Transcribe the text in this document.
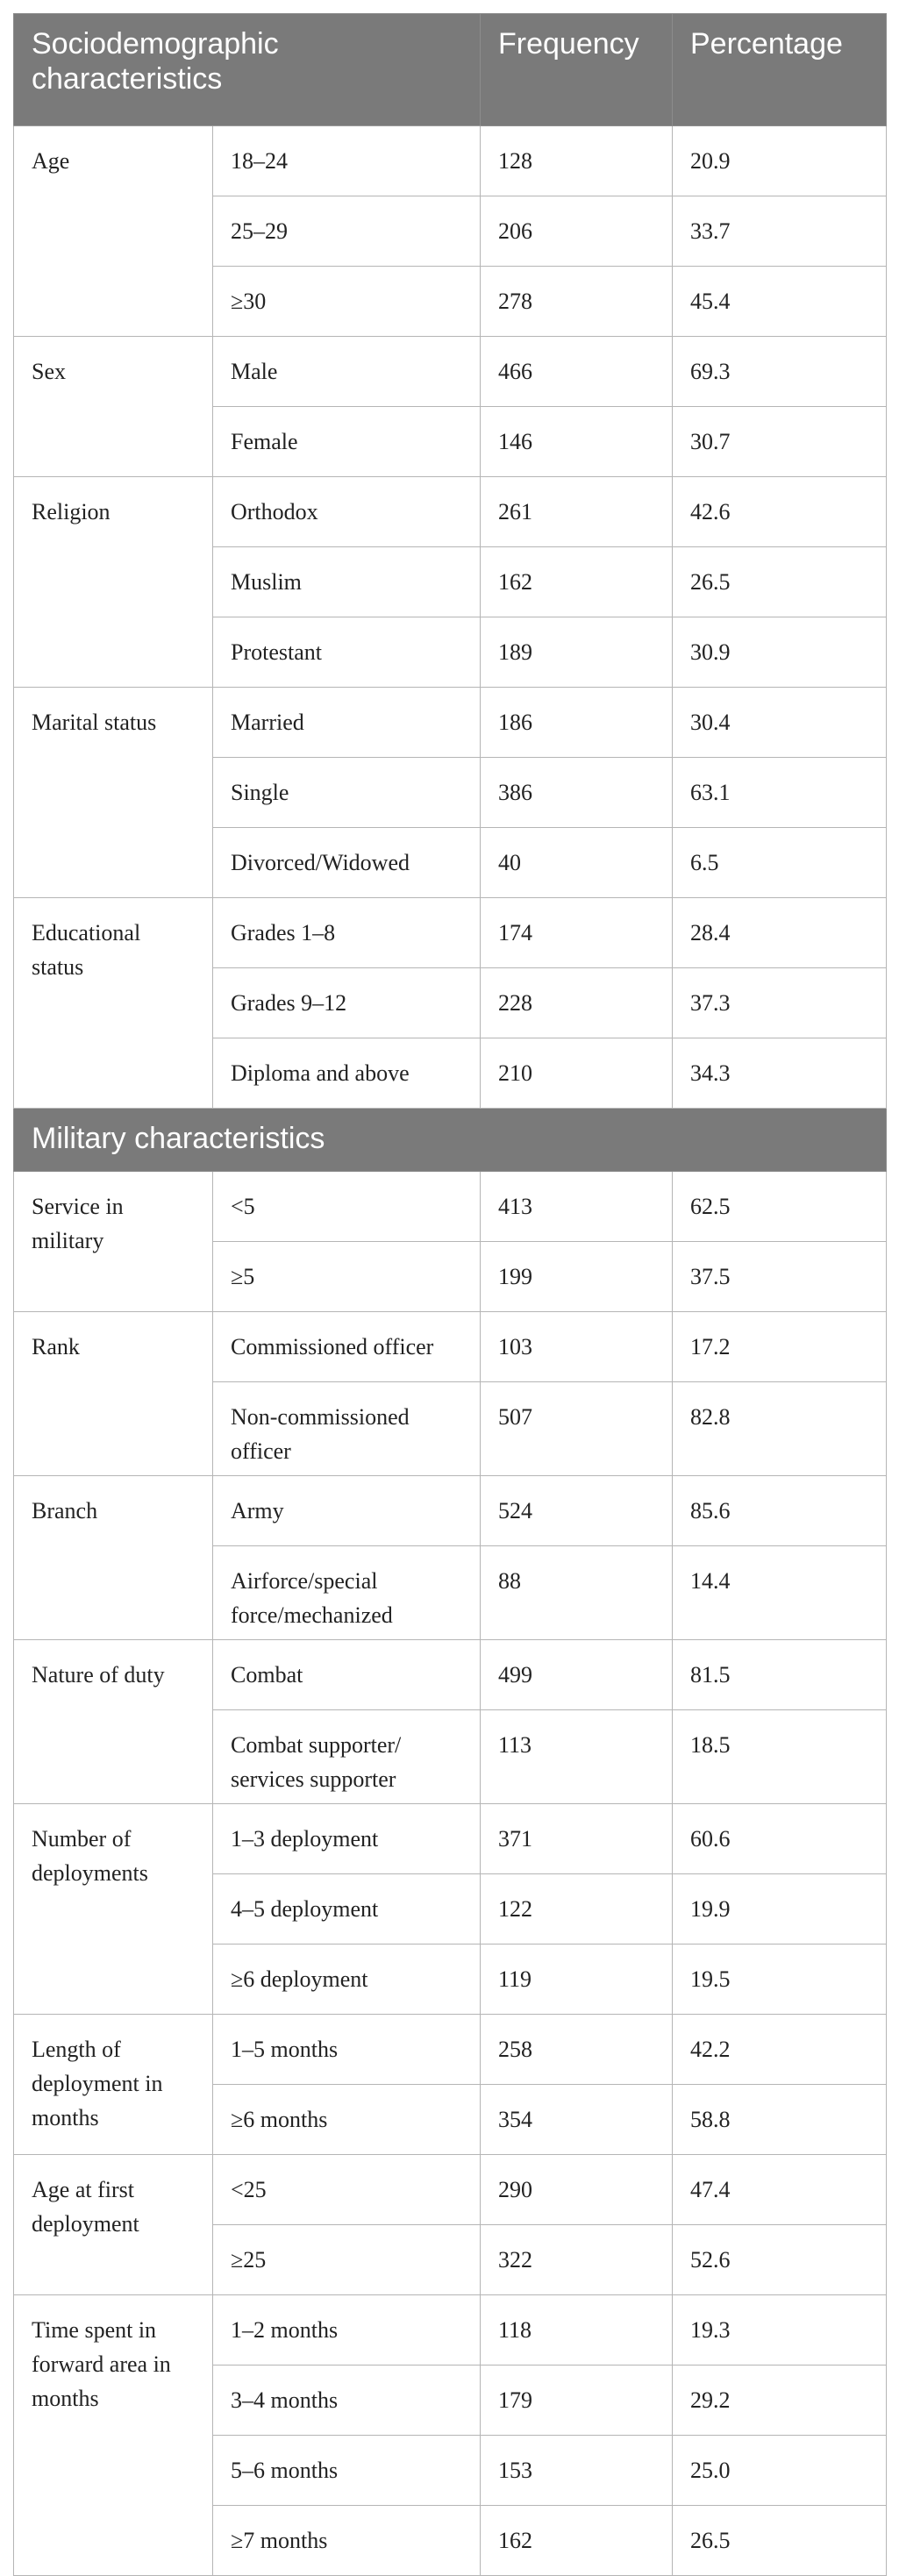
Sociodemographic characteristics		Frequency	Percentage
Age	18–24	128	20.9
	25–29	206	33.7
	≥30	278	45.4
Sex	Male	466	69.3
	Female	146	30.7
Religion	Orthodox	261	42.6
	Muslim	162	26.5
	Protestant	189	30.9
Marital status	Married	186	30.4
	Single	386	63.1
	Divorced/Widowed	40	6.5
Educational status	Grades 1–8	174	28.4
	Grades 9–12	228	37.3
	Diploma and above	210	34.3
Military characteristics			
Service in military	<5	413	62.5
	≥5	199	37.5
Rank	Commissioned officer	103	17.2
	Non-commissioned officer	507	82.8
Branch	Army	524	85.6
	Airforce/special force/mechanized	88	14.4
Nature of duty	Combat	499	81.5
	Combat supporter/ services supporter	113	18.5
Number of deployments	1–3 deployment	371	60.6
	4–5 deployment	122	19.9
	≥6 deployment	119	19.5
Length of deployment in months	1–5 months	258	42.2
	≥6 months	354	58.8
Age at first deployment	<25	290	47.4
	≥25	322	52.6
Time spent in forward area in months	1–2 months	118	19.3
	3–4 months	179	29.2
	5–6 months	153	25.0
	≥7 months	162	26.5
